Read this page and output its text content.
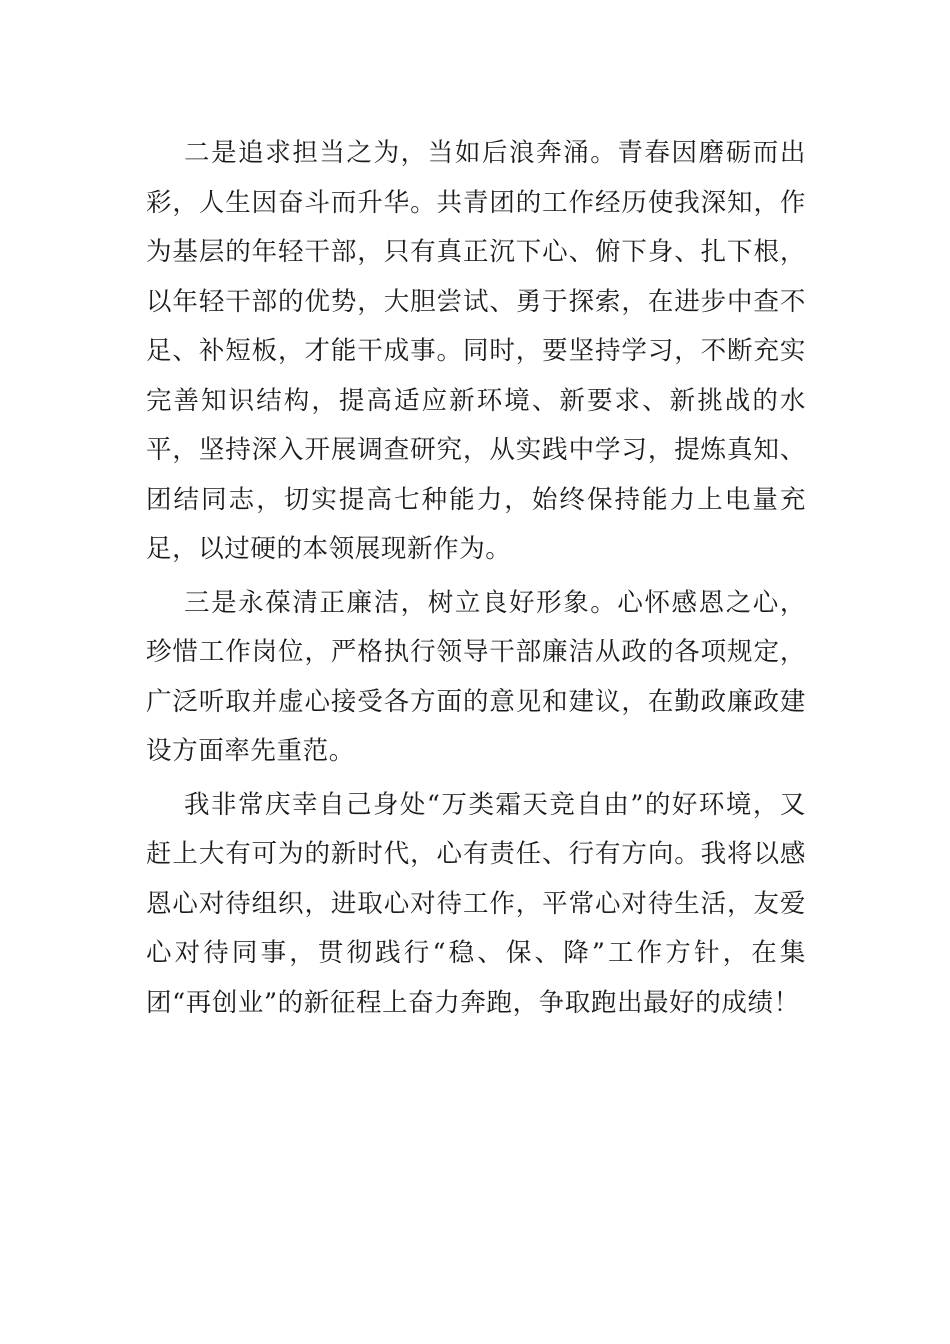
二是追求担当之为，当如后浪奔涌。青春因磨砺而出彩，人生因奋斗而升华。共青团的工作经历使我深知，作为基层的年轻干部，只有真正沉下心、俯下身、扎下根，以年轻干部的优势，大胆尝试、勇于探索，在进步中查不足、补短板，才能干成事。同时，要坚持学习，不断充实完善知识结构，提高适应新环境、新要求、新挑战的水平，坚持深入开展调查研究，从实践中学习，提炼真知、团结同志，切实提高七种能力，始终保持能力上电量充足，以过硬的本领展现新作为。

三是永葆清正廉洁，树立良好形象。心怀感恩之心，珍惜工作岗位，严格执行领导干部廉洁从政的各项规定，广泛听取并虚心接受各方面的意见和建议，在勤政廉政建设方面率先重范。

我非常庆幸自己身处“万类霜天竞自由”的好环境，又赶上大有可为的新时代，心有责任、行有方向。我将以感恩心对待组织，进取心对待工作，平常心对待生活，友爱心对待同事，贯彻践行“稳、保、降”工作方针，在集团“再创业”的新征程上奋力奔跑，争取跑出最好的成绩！
